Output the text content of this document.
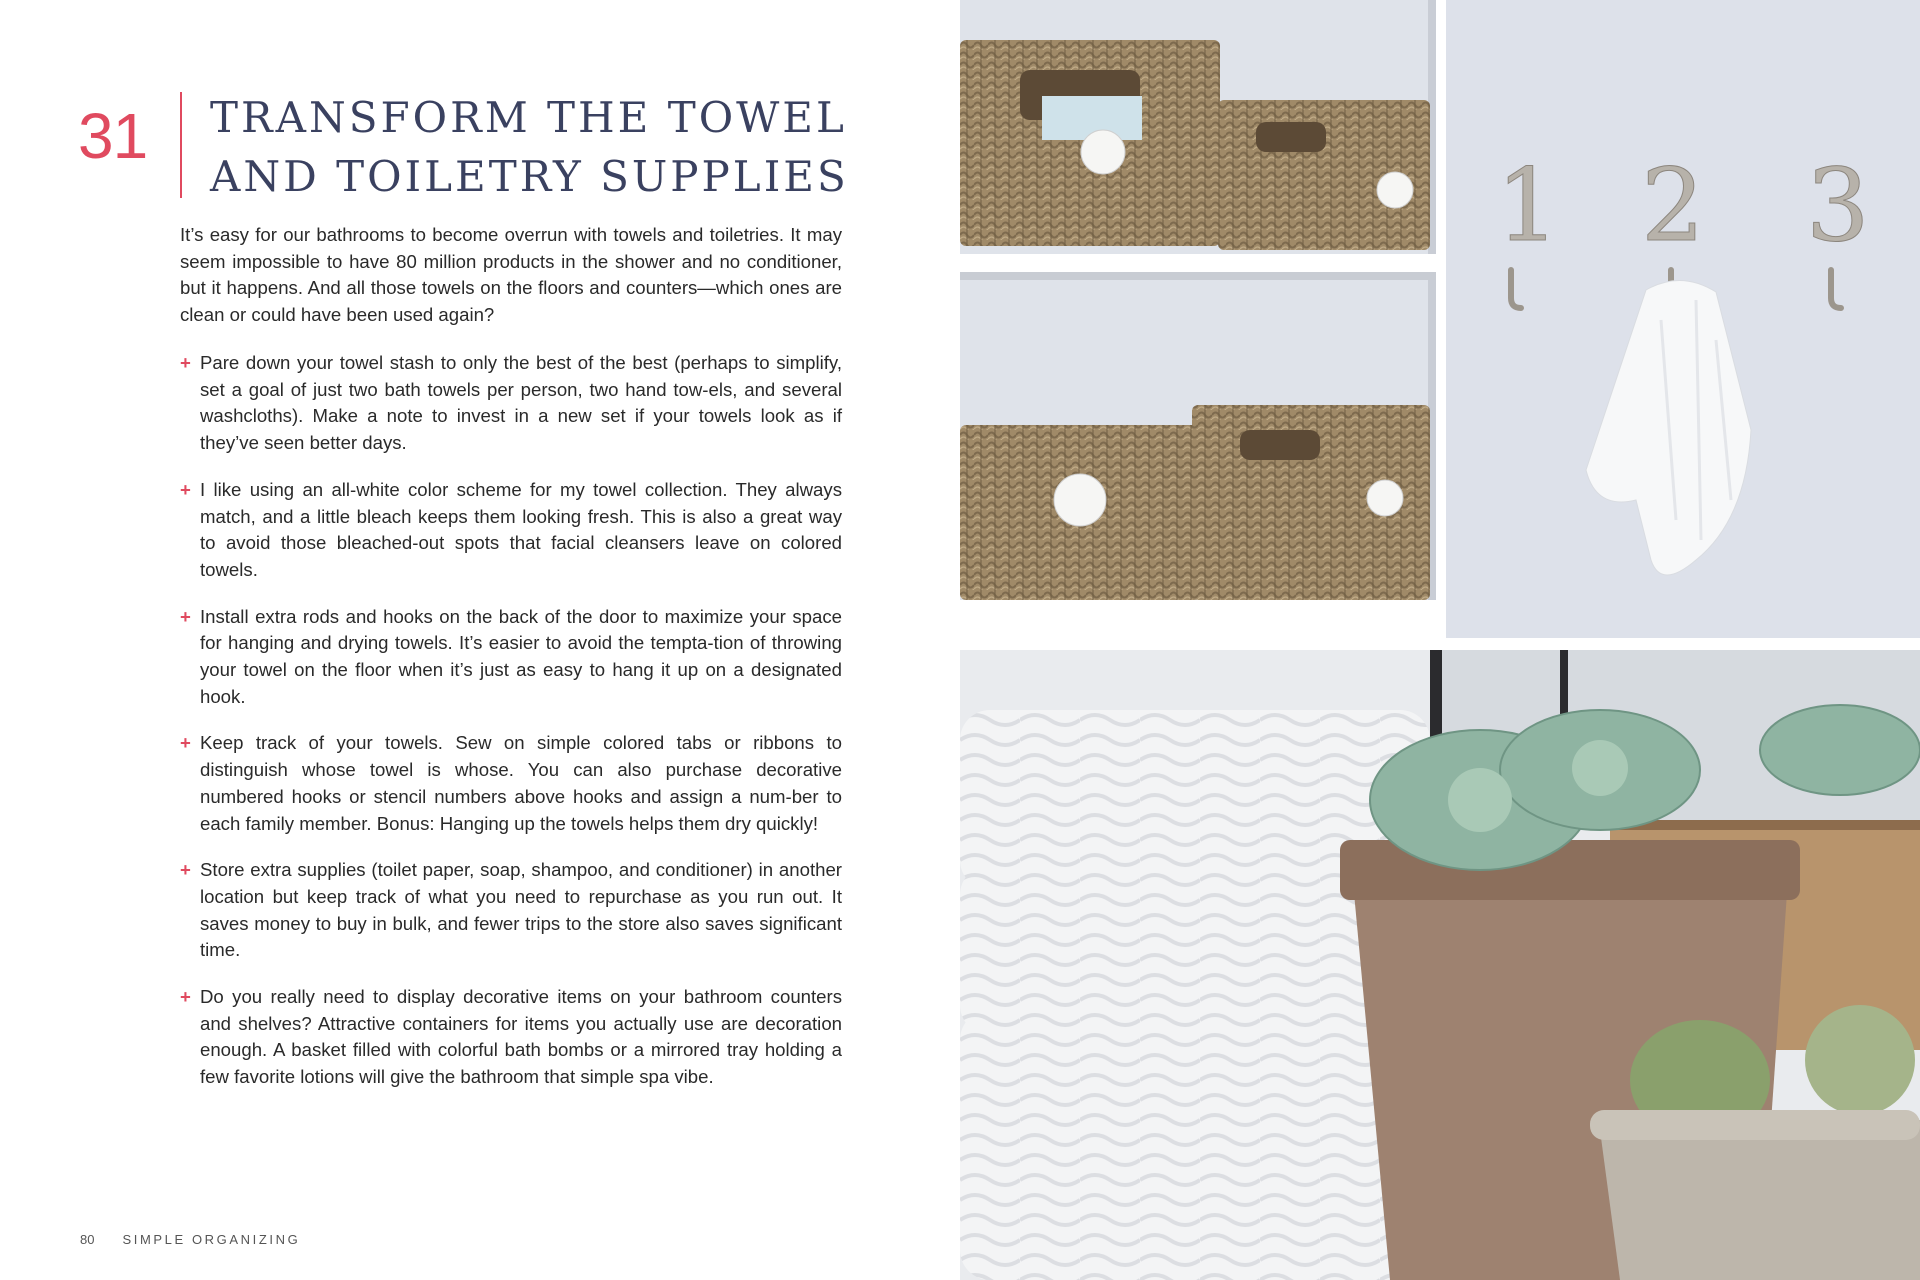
31 TRANSFORM THE TOWEL
AND TOILETRY SUPPLIES

It’s easy for our bathrooms to become overrun with towels and toiletries. It may seem impossible to have 80 million products in the shower and no conditioner, but it happens. And all those towels on the floors and counters—which ones are clean or could have been used again?

+ Pare down your towel stash to only the best of the best (perhaps to simplify, set a goal of just two bath towels per person, two hand tow-els, and several washcloths). Make a note to invest in a new set if your towels look as if they’ve seen better days.
+ I like using an all-white color scheme for my towel collection. They always match, and a little bleach keeps them looking fresh. This is also a great way to avoid those bleached-out spots that facial cleansers leave on colored towels.
+ Install extra rods and hooks on the back of the door to maximize your space for hanging and drying towels. It’s easier to avoid the tempta-tion of throwing your towel on the floor when it’s just as easy to hang it up on a designated hook.
+ Keep track of your towels. Sew on simple colored tabs or ribbons to distinguish whose towel is whose. You can also purchase decorative numbered hooks or stencil numbers above hooks and assign a num-ber to each family member. Bonus: Hanging up the towels helps them dry quickly!
+ Store extra supplies (toilet paper, soap, shampoo, and conditioner) in another location but keep track of what you need to repurchase as you run out. It saves money to buy in bulk, and fewer trips to the store also saves significant time.
+ Do you really need to display decorative items on your bathroom counters and shelves? Attractive containers for items you actually use are decoration enough. A basket filled with colorful bath bombs or a mirrored tray holding a few favorite lotions will give the bathroom that simple spa vibe.
80 SIMPLE ORGANIZING
1 2 3
